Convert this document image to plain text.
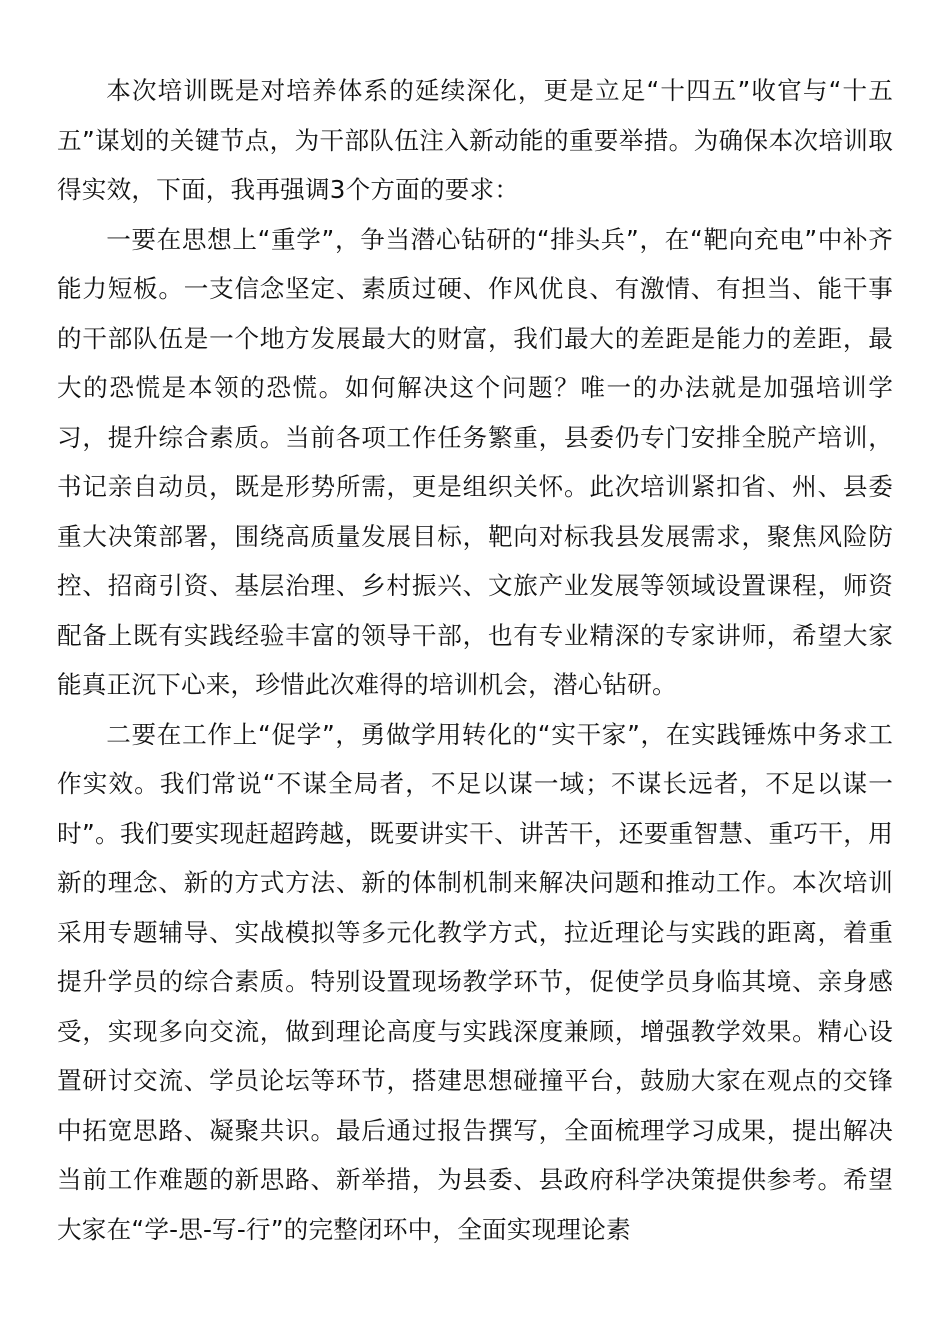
本次培训既是对培养体系的延续深化，更是立足“十四五”收官与“十五五”谋划的关键节点，为干部队伍注入新动能的重要举措。为确保本次培训取得实效，下面，我再强调3个方面的要求：

一要在思想上“重学”，争当潜心钻研的“排头兵”，在“靶向充电”中补齐能力短板。一支信念坚定、素质过硬、作风优良、有激情、有担当、能干事的干部队伍是一个地方发展最大的财富，我们最大的差距是能力的差距，最大的恐慌是本领的恐慌。如何解决这个问题？唯一的办法就是加强培训学习，提升综合素质。当前各项工作任务繁重，县委仍专门安排全脱产培训，书记亲自动员，既是形势所需，更是组织关怀。此次培训紧扣省、州、县委重大决策部署，围绕高质量发展目标，靶向对标我县发展需求，聚焦风险防控、招商引资、基层治理、乡村振兴、文旅产业发展等领域设置课程，师资配备上既有实践经验丰富的领导干部，也有专业精深的专家讲师，希望大家能真正沉下心来，珍惜此次难得的培训机会，潜心钻研。

二要在工作上“促学”，勇做学用转化的“实干家”，在实践锤炼中务求工作实效。我们常说“不谋全局者，不足以谋一域；不谋长远者，不足以谋一时”。我们要实现赶超跨越，既要讲实干、讲苦干，还要重智慧、重巧干，用新的理念、新的方式方法、新的体制机制来解决问题和推动工作。本次培训采用专题辅导、实战模拟等多元化教学方式，拉近理论与实践的距离，着重提升学员的综合素质。特别设置现场教学环节，促使学员身临其境、亲身感受，实现多向交流，做到理论高度与实践深度兼顾，增强教学效果。精心设置研讨交流、学员论坛等环节，搭建思想碰撞平台，鼓励大家在观点的交锋中拓宽思路、凝聚共识。最后通过报告撰写，全面梳理学习成果，提出解决当前工作难题的新思路、新举措，为县委、县政府科学决策提供参考。希望大家在“学-思-写-行”的完整闭环中，全面实现理论素
